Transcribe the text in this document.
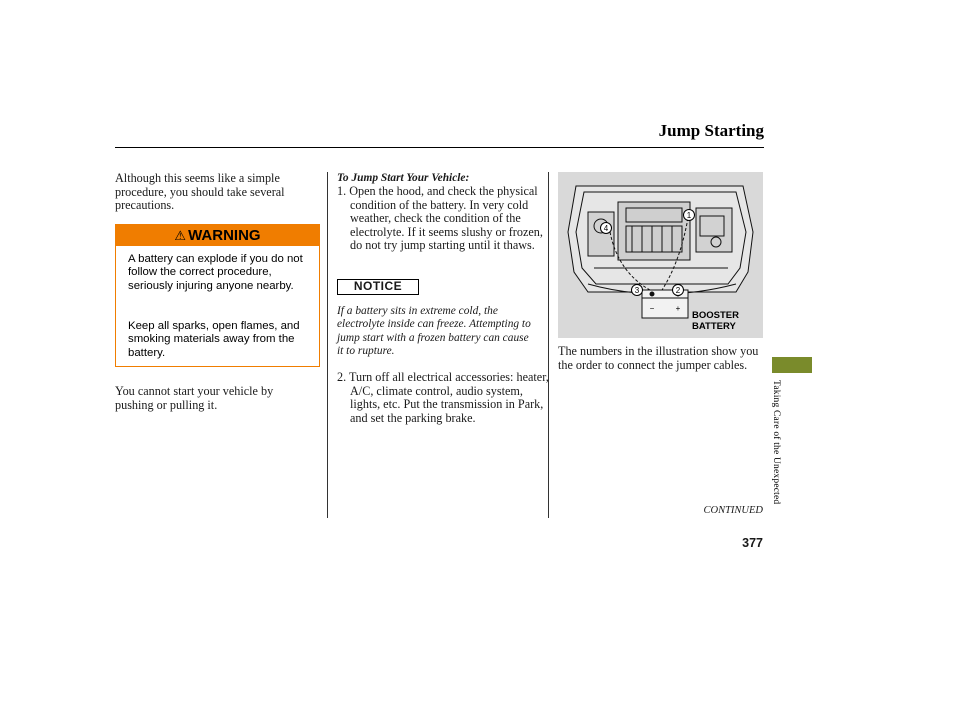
Jump Starting
Although this seems like a simple procedure, you should take several precautions.
⚠ WARNING
A battery can explode if you do not follow the correct procedure, seriously injuring anyone nearby.
Keep all sparks, open flames, and smoking materials away from the battery.
You cannot start your vehicle by pushing or pulling it.
To Jump Start Your Vehicle:
1. Open the hood, and check the physical condition of the battery. In very cold weather, check the condition of the electrolyte. If it seems slushy or frozen, do not try jump starting until it thaws.
NOTICE
If a battery sits in extreme cold, the electrolyte inside can freeze. Attempting to jump start with a frozen battery can cause it to rupture.
2. Turn off all electrical accessories: heater, A/C, climate control, audio system, lights, etc. Put the transmission in Park, and set the parking brake.
−	+
1
2
3
4
BOOSTER
BATTERY
The numbers in the illustration show you the order to connect the jumper cables.
Taking Care of the Unexpected
CONTINUED
377
